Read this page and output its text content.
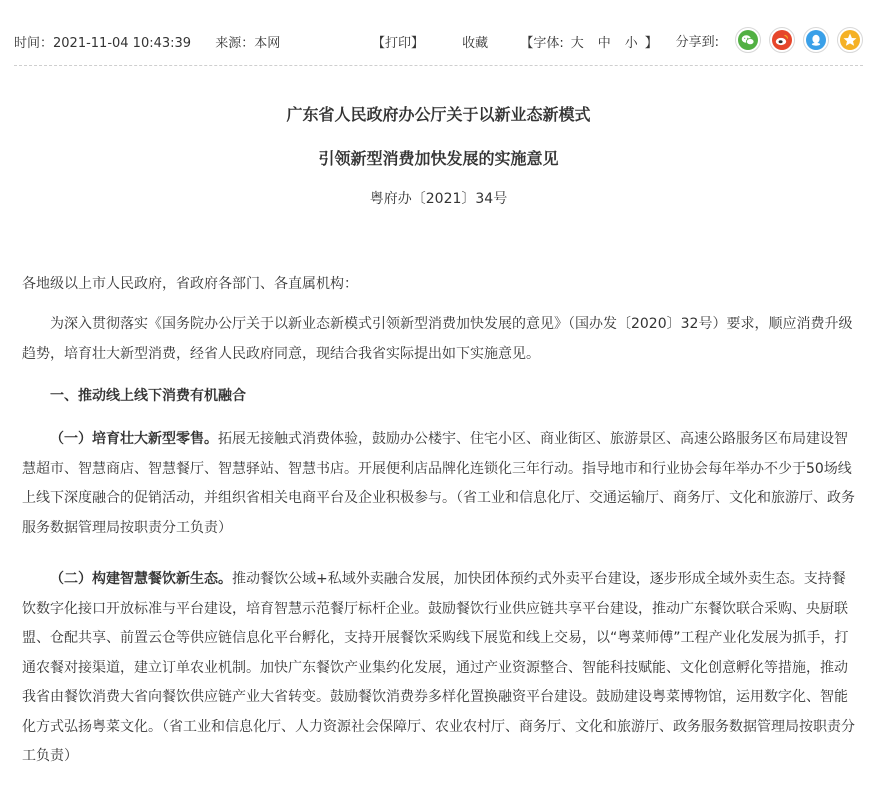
时间：2021-11-04 10:43:39 来源：本网	【打印】	收藏 【字体: 大 中 小 】 分享到:
广东省人民政府办公厅关于以新业态新模式
引领新型消费加快发展的实施意见
粤府办〔2021〕34号

各地级以上市人民政府，省政府各部门、各直属机构：

为深入贯彻落实《国务院办公厅关于以新业态新模式引领新型消费加快发展的意见》（国办发〔2020〕32号）要求，顺应消费升级趋势，培育壮大新型消费，经省人民政府同意，现结合我省实际提出如下实施意见。

一、推动线上线下消费有机融合

（一）培育壮大新型零售。拓展无接触式消费体验，鼓励办公楼宇、住宅小区、商业街区、旅游景区、高速公路服务区布局建设智慧超市、智慧商店、智慧餐厅、智慧驿站、智慧书店。开展便利店品牌化连锁化三年行动。指导地市和行业协会每年举办不少于50场线上线下深度融合的促销活动，并组织省相关电商平台及企业积极参与。（省工业和信息化厅、交通运输厅、商务厅、文化和旅游厅、政务服务数据管理局按职责分工负责）

（二）构建智慧餐饮新生态。推动餐饮公域+私域外卖融合发展，加快团体预约式外卖平台建设，逐步形成全域外卖生态。支持餐饮数字化接口开放标准与平台建设，培育智慧示范餐厅标杆企业。鼓励餐饮行业供应链共享平台建设，推动广东餐饮联合采购、央厨联盟、仓配共享、前置云仓等供应链信息化平台孵化，支持开展餐饮采购线下展览和线上交易，以“粤菜师傅”工程产业化发展为抓手，打通农餐对接渠道，建立订单农业机制。加快广东餐饮产业集约化发展，通过产业资源整合、智能科技赋能、文化创意孵化等措施，推动我省由餐饮消费大省向餐饮供应链产业大省转变。鼓励餐饮消费券多样化置换融资平台建设。鼓励建设粤菜博物馆，运用数字化、智能化方式弘扬粤菜文化。（省工业和信息化厅、人力资源社会保障厅、农业农村厅、商务厅、文化和旅游厅、政务服务数据管理局按职责分工负责）
